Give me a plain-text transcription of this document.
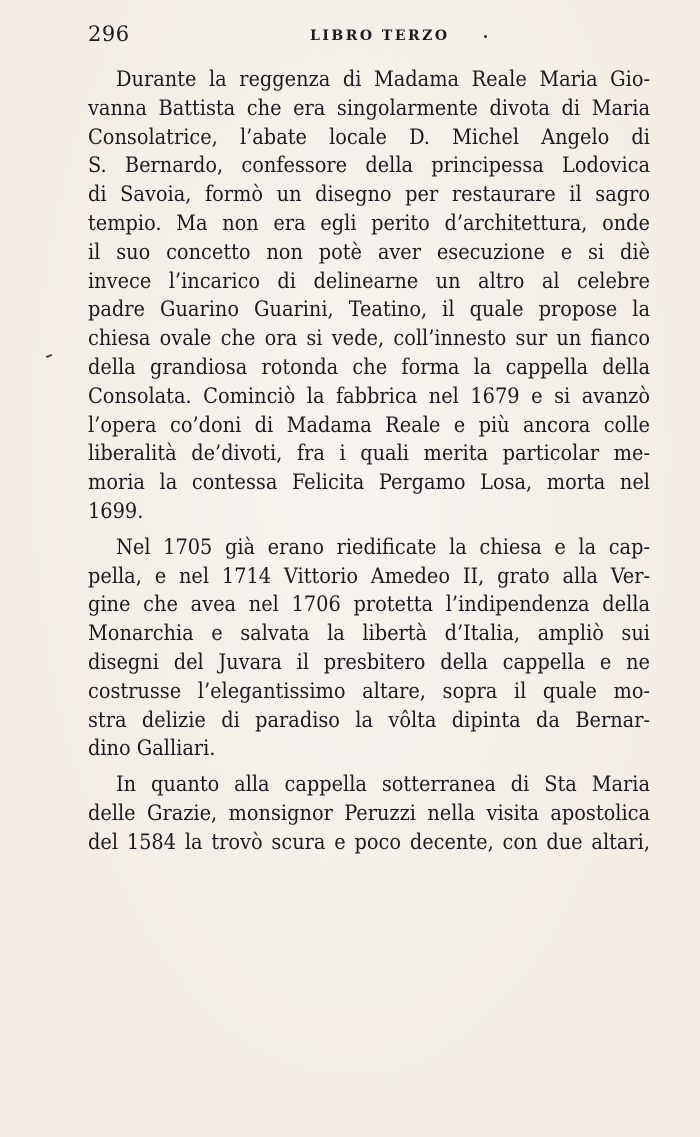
296	LIBRO TERZO
Durante la reggenza di Madama Reale Maria Gio-
vanna Battista che era singolarmente divota di Maria
Consolatrice, l’abate locale D. Michel Angelo di
S. Bernardo, confessore della principessa Lodovica
di Savoia, formò un disegno per restaurare il sagro
tempio. Ma non era egli perito d’architettura, onde
il suo concetto non potè aver esecuzione e si diè
invece l’incarico di delinearne un altro al celebre
padre Guarino Guarini, Teatino, il quale propose la
chiesa ovale che ora si vede, coll’innesto sur un fianco
della grandiosa rotonda che forma la cappella della
Consolata. Cominciò la fabbrica nel 1679 e si avanzò
l’opera co’doni di Madama Reale e più ancora colle
liberalità de’divoti, fra i quali merita particolar me-
moria la contessa Felicita Pergamo Losa, morta nel
1699.
Nel 1705 già erano riedificate la chiesa e la cap-
pella, e nel 1714 Vittorio Amedeo II, grato alla Ver-
gine che avea nel 1706 protetta l’indipendenza della
Monarchia e salvata la libertà d’Italia, ampliò sui
disegni del Juvara il presbitero della cappella e ne
costrusse l’elegantissimo altare, sopra il quale mo-
stra delizie di paradiso la vôlta dipinta da Bernar-
dino Galliari.
In quanto alla cappella sotterranea di Sta Maria
delle Grazie, monsignor Peruzzi nella visita apostolica
del 1584 la trovò scura e poco decente, con due altari,
